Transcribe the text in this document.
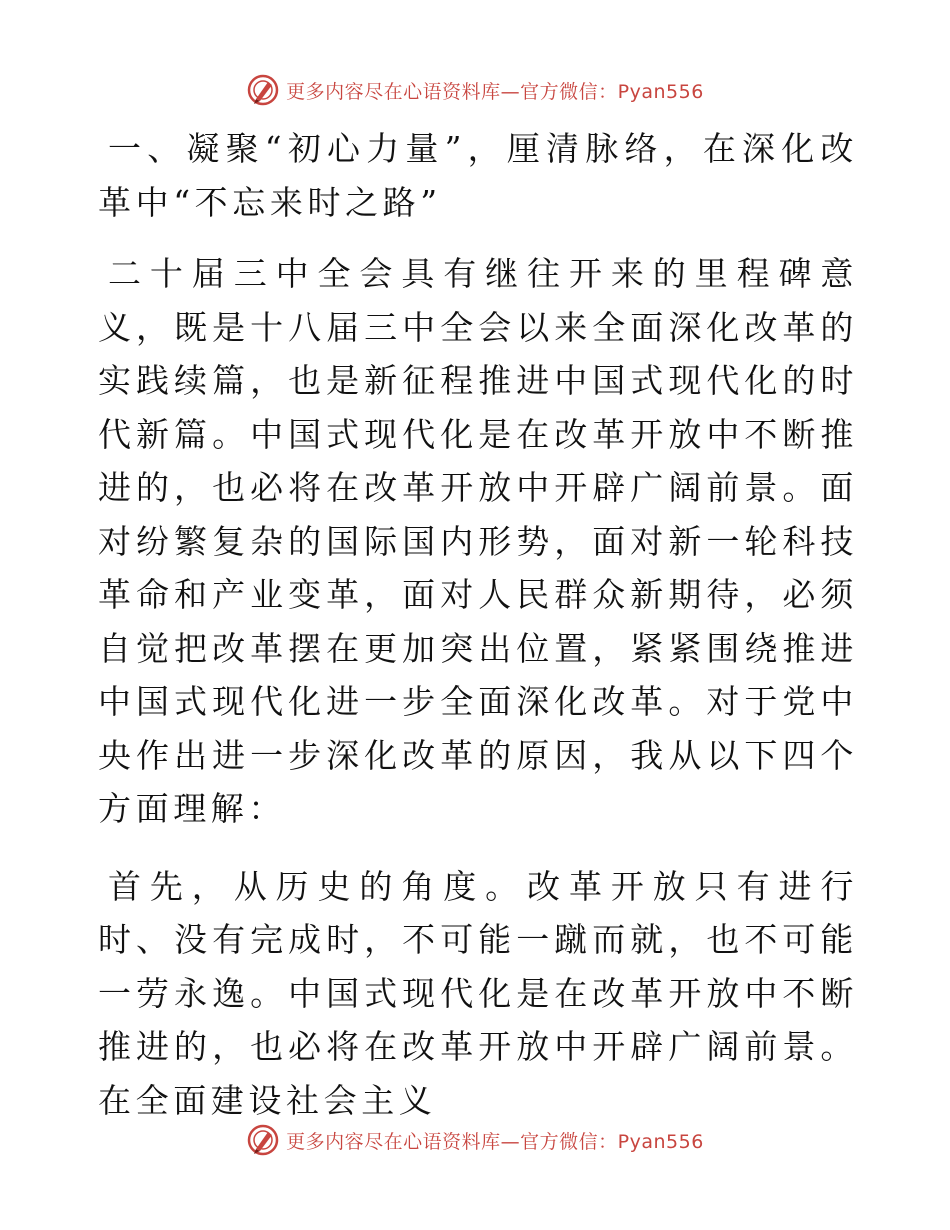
更多内容尽在心语资料库—官方微信：Pyan556

一、凝聚“初心力量”，厘清脉络，在深化改革中“不忘来时之路”

二十届三中全会具有继往开来的里程碑意义，既是十八届三中全会以来全面深化改革的实践续篇，也是新征程推进中国式现代化的时代新篇。中国式现代化是在改革开放中不断推进的，也必将在改革开放中开辟广阔前景。面对纷繁复杂的国际国内形势，面对新一轮科技革命和产业变革，面对人民群众新期待，必须自觉把改革摆在更加突出位置，紧紧围绕推进中国式现代化进一步全面深化改革。对于党中央作出进一步深化改革的原因，我从以下四个方面理解：

首先，从历史的角度。改革开放只有进行时、没有完成时，不可能一蹴而就，也不可能一劳永逸。中国式现代化是在改革开放中不断推进的，也必将在改革开放中开辟广阔前景。在全面建设社会主义

更多内容尽在心语资料库—官方微信：Pyan556
